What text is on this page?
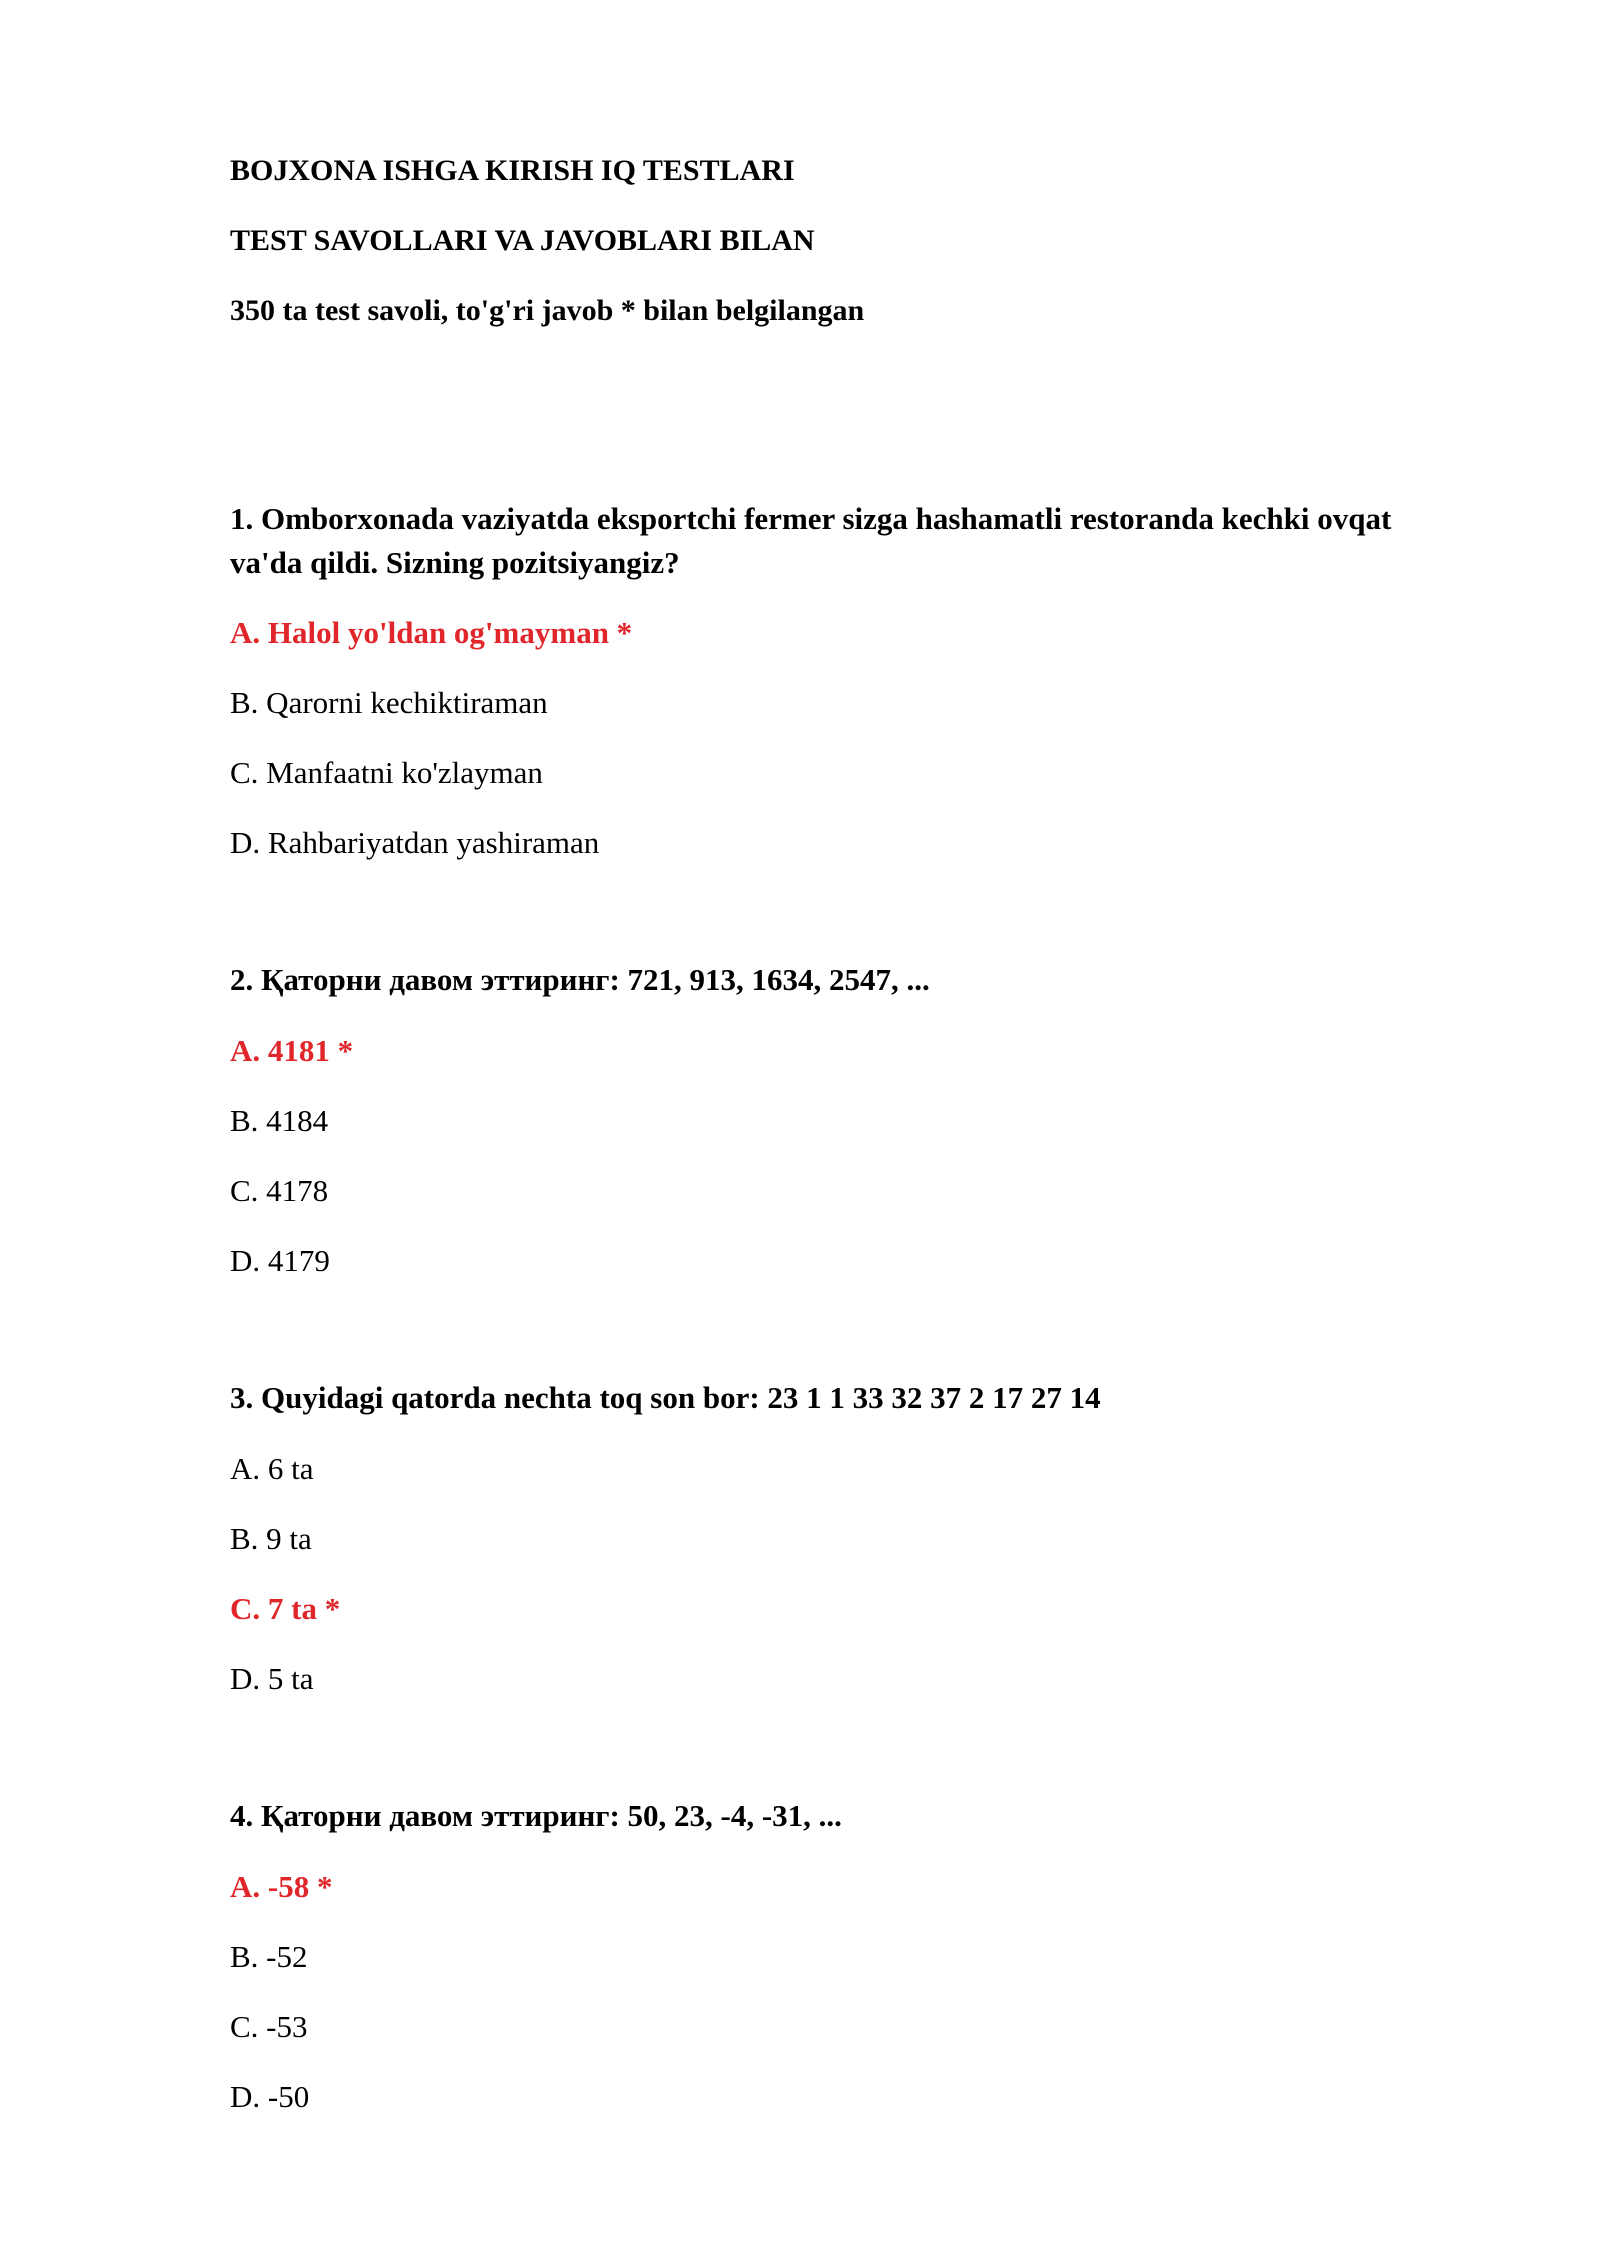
BOJXONA ISHGA KIRISH IQ TESTLARI
TEST SAVOLLARI VA JAVOBLARI BILAN
350 ta test savoli, to'g'ri javob * bilan belgilangan

1. Omborxonada vaziyatda eksportchi fermer sizga hashamatli restoranda kechki ovqat va'da qildi. Sizning pozitsiyangiz?

A. Halol yo'ldan og'mayman *
B. Qarorni kechiktiraman
C. Manfaatni ko'zlayman
D. Rahbariyatdan yashiraman

2. Қаторни давом эттиринг: 721, 913, 1634, 2547, ...

A. 4181 *
B. 4184
C. 4178
D. 4179

3. Quyidagi qatorda nechta toq son bor: 23 1 1 33 32 37 2 17 27 14

A. 6 ta
B. 9 ta
C. 7 ta *
D. 5 ta

4. Қаторни давом эттиринг: 50, 23, -4, -31, ...

A. -58 *
B. -52
C. -53
D. -50
